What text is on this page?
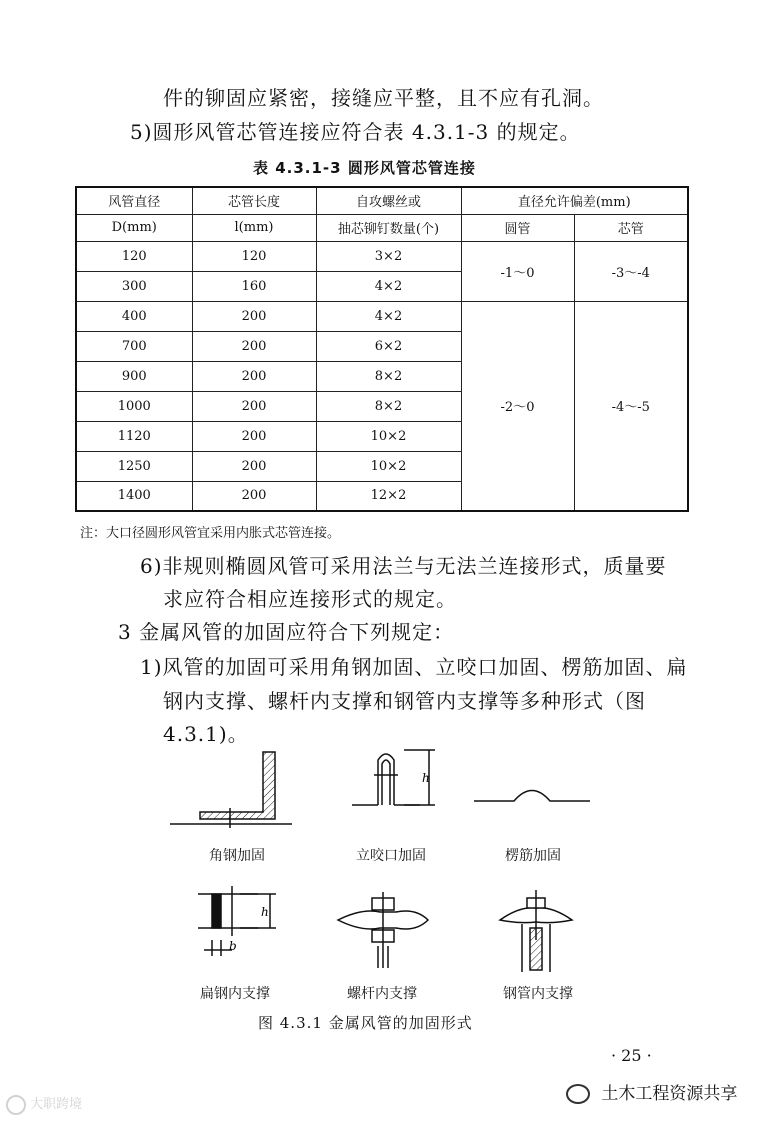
件的铆固应紧密，接缝应平整，且不应有孔洞。
5)圆形风管芯管连接应符合表 4.3.1-3 的规定。
表 4.3.1-3 圆形风管芯管连接
风管直径	芯管长度	自攻螺丝或	直径允许偏差(mm)	
D(mm)	l(mm)	抽芯铆钉数量(个)	圆管	芯管
120	120	3×2	-1～0	-3～-4
300	160	4×2		
400	200	4×2	-2～0	-4～-5
700	200	6×2		
900	200	8×2		
1000	200	8×2		
1120	200	10×2		
1250	200	10×2		
1400	200	12×2		
注：大口径圆形风管宜采用内胀式芯管连接。
6)非规则椭圆风管可采用法兰与无法兰连接形式，质量要
求应符合相应连接形式的规定。
3 金属风管的加固应符合下列规定：
1)风管的加固可采用角钢加固、立咬口加固、楞筋加固、扁
钢内支撑、螺杆内支撑和钢管内支撑等多种形式（图
4.3.1)。
h
h
b
角钢加固	立咬口加固	楞筋加固
扁钢内支撑	螺杆内支撑	钢管内支撑
图 4.3.1 金属风管的加固形式
· 25 ·
大职跨境
土木工程资源共享
